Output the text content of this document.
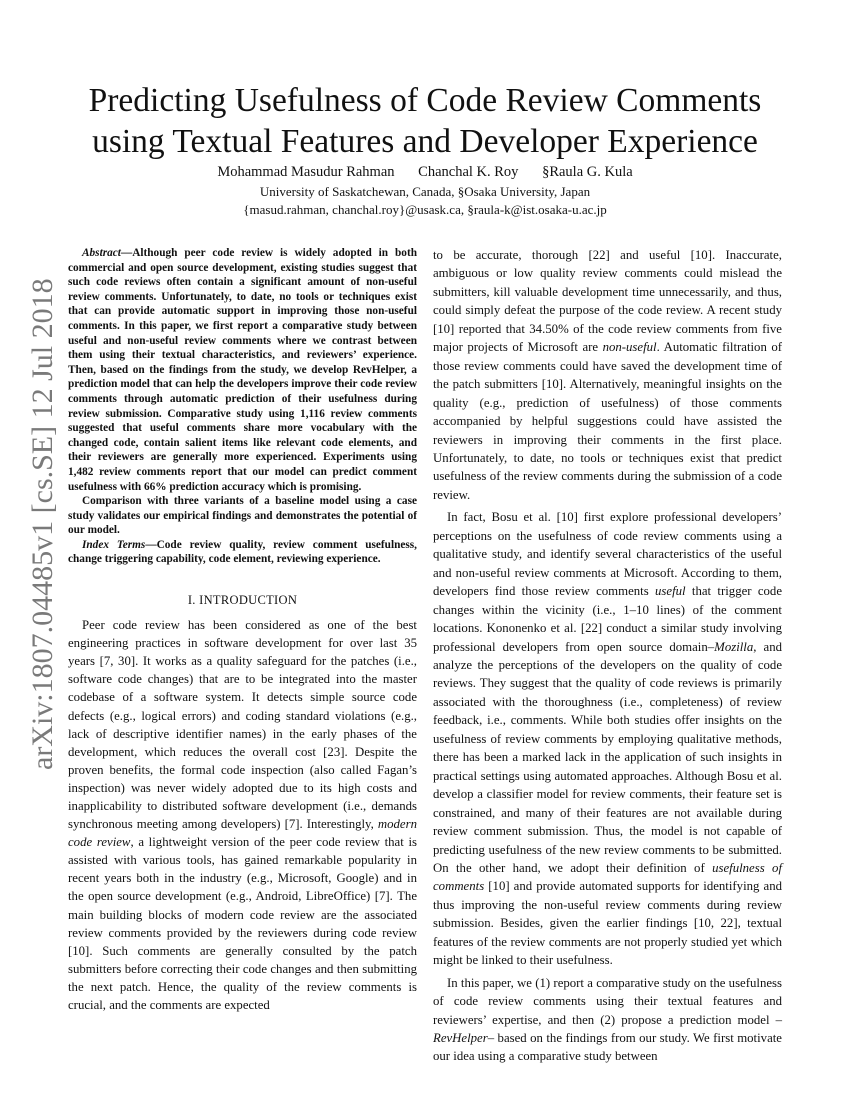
arXiv:1807.04485v1 [cs.SE] 12 Jul 2018
Predicting Usefulness of Code Review Comments
using Textual Features and Developer Experience
Mohammad Masudur Rahman Chanchal K. Roy §Raula G. Kula
University of Saskatchewan, Canada, §Osaka University, Japan
{masud.rahman, chanchal.roy}@usask.ca, §raula-k@ist.osaka-u.ac.jp

Abstract—Although peer code review is widely adopted in both commercial and open source development, existing studies suggest that such code reviews often contain a significant amount of non-useful review comments. Unfortunately, to date, no tools or techniques exist that can provide automatic support in improving those non-useful comments. In this paper, we first report a comparative study between useful and non-useful review comments where we contrast between them using their textual characteristics, and reviewers’ experience. Then, based on the findings from the study, we develop RevHelper, a prediction model that can help the developers improve their code review comments through automatic prediction of their usefulness during review submission. Comparative study using 1,116 review comments suggested that useful comments share more vocabulary with the changed code, contain salient items like relevant code elements, and their reviewers are generally more experienced. Experiments using 1,482 review comments report that our model can predict comment usefulness with 66% prediction accuracy which is promising.

Comparison with three variants of a baseline model using a case study validates our empirical findings and demonstrates the potential of our model.

Index Terms—Code review quality, review comment usefulness, change triggering capability, code element, reviewing experience.

I. INTRODUCTION

Peer code review has been considered as one of the best engineering practices in software development for over last 35 years [7, 30]. It works as a quality safeguard for the patches (i.e., software code changes) that are to be integrated into the master codebase of a software system. It detects simple source code defects (e.g., logical errors) and coding standard violations (e.g., lack of descriptive identifier names) in the early phases of the development, which reduces the overall cost [23]. Despite the proven benefits, the formal code inspection (also called Fagan’s inspection) was never widely adopted due to its high costs and inapplicability to distributed software development (i.e., demands synchronous meeting among developers) [7]. Interestingly, modern code review, a lightweight version of the peer code review that is assisted with various tools, has gained remarkable popularity in recent years both in the industry (e.g., Microsoft, Google) and in the open source development (e.g., Android, LibreOffice) [7]. The main building blocks of modern code review are the associated review comments provided by the reviewers during code review [10]. Such comments are generally consulted by the patch submitters before correcting their code changes and then submitting the next patch. Hence, the quality of the review comments is crucial, and the comments are expected

to be accurate, thorough [22] and useful [10]. Inaccurate, ambiguous or low quality review comments could mislead the submitters, kill valuable development time unnecessarily, and thus, could simply defeat the purpose of the code review. A recent study [10] reported that 34.50% of the code review comments from five major projects of Microsoft are non-useful. Automatic filtration of those review comments could have saved the development time of the patch submitters [10]. Alternatively, meaningful insights on the quality (e.g., prediction of usefulness) of those comments accompanied by helpful suggestions could have assisted the reviewers in improving their comments in the first place. Unfortunately, to date, no tools or techniques exist that predict usefulness of the review comments during the submission of a code review.

In fact, Bosu et al. [10] first explore professional developers’ perceptions on the usefulness of code review comments using a qualitative study, and identify several characteristics of the useful and non-useful review comments at Microsoft. According to them, developers find those review comments useful that trigger code changes within the vicinity (i.e., 1–10 lines) of the comment locations. Kononenko et al. [22] conduct a similar study involving professional developers from open source domain–Mozilla, and analyze the perceptions of the developers on the quality of code reviews. They suggest that the quality of code reviews is primarily associated with the thoroughness (i.e., completeness) of review feedback, i.e., comments. While both studies offer insights on the usefulness of review comments by employing qualitative methods, there has been a marked lack in the application of such insights in practical settings using automated approaches. Although Bosu et al. develop a classifier model for review comments, their feature set is constrained, and many of their features are not available during review comment submission. Thus, the model is not capable of predicting usefulness of the new review comments to be submitted. On the other hand, we adopt their definition of usefulness of comments [10] and provide automated supports for identifying and thus improving the non-useful review comments during review submission. Besides, given the earlier findings [10, 22], textual features of the review comments are not properly studied yet which might be linked to their usefulness.

In this paper, we (1) report a comparative study on the usefulness of code review comments using their textual features and reviewers’ expertise, and then (2) propose a prediction model –RevHelper– based on the findings from our study. We first motivate our idea using a comparative study between
